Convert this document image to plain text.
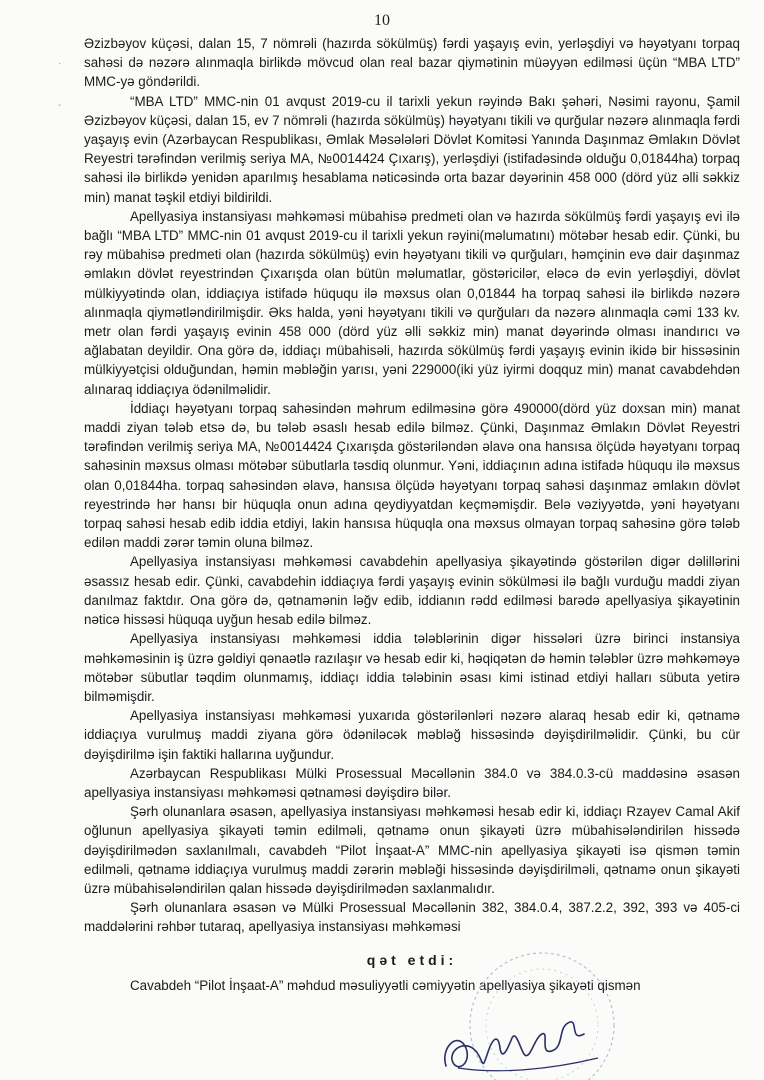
10
·
-

Əzizbəyov küçəsi, dalan 15, 7 nömrəli (hazırda sökülmüş) fərdi yaşayış evin, yerləşdiyi və həyətyanı torpaq sahəsi də nəzərə alınmaqla birlikdə mövcud olan real bazar qiymətinin müəyyən edilməsi üçün “MBA LTD” MMC-yə göndərildi.

“MBA LTD” MMC-nin 01 avqust 2019-cu il tarixli yekun rəyində Bakı şəhəri, Nəsimi rayonu, Şamil Əzizbəyov küçəsi, dalan 15, ev 7 nömrəli (hazırda sökülmüş) həyətyanı tikili və qurğular nəzərə alınmaqla fərdi yaşayış evin (Azərbaycan Respublikası, Əmlak Məsələləri Dövlət Komitəsi Yanında Daşınmaz Əmlakın Dövlət Reyestri tərəfindən verilmiş seriya MA, №0014424 Çıxarış), yerləşdiyi (istifadəsində olduğu 0,01844ha) torpaq sahəsi ilə birlikdə yenidən aparılmış hesablama nəticəsində orta bazar dəyərinin 458 000 (dörd yüz əlli səkkiz min) manat təşkil etdiyi bildirildi.

Apellyasiya instansiyası məhkəməsi mübahisə predmeti olan və hazırda sökülmüş fərdi yaşayış evi ilə bağlı “MBA LTD” MMC-nin 01 avqust 2019-cu il tarixli yekun rəyini(məlumatını) mötəbər hesab edir. Çünki, bu rəy mübahisə predmeti olan (hazırda sökülmüş) evin həyətyanı tikili və qurğuları, həmçinin evə dair daşınmaz əmlakın dövlət reyestrindən Çıxarışda olan bütün məlumatlar, göstəricilər, eləcə də evin yerləşdiyi, dövlət mülkiyyətində olan, iddiaçıya istifadə hüququ ilə məxsus olan 0,01844 ha torpaq sahəsi ilə birlikdə nəzərə alınmaqla qiymətləndirilmişdir. Əks halda, yəni həyətyanı tikili və qurğuları da nəzərə alınmaqla cəmi 133 kv. metr olan fərdi yaşayış evinin 458 000 (dörd yüz əlli səkkiz min) manat dəyərində olması inandırıcı və ağlabatan deyildir. Ona görə də, iddiaçı mübahisəli, hazırda sökülmüş fərdi yaşayış evinin ikidə bir hissəsinin mülkiyyətçisi olduğundan, həmin məbləğin yarısı, yəni 229000(iki yüz iyirmi doqquz min) manat cavabdehdən alınaraq iddiaçıya ödənilməlidir.

İddiaçı həyətyanı torpaq sahəsindən məhrum edilməsinə görə 490000(dörd yüz doxsan min) manat maddi ziyan tələb etsə də, bu tələb əsaslı hesab edilə bilməz. Çünki, Daşınmaz Əmlakın Dövlət Reyestri tərəfindən verilmiş seriya MA, №0014424 Çıxarışda göstəriləndən əlavə ona hansısa ölçüdə həyətyanı torpaq sahəsinin məxsus olması mötəbər sübutlarla təsdiq olunmur. Yəni, iddiaçının adına istifadə hüququ ilə məxsus olan 0,01844ha. torpaq sahəsindən əlavə, hansısa ölçüdə həyətyanı torpaq sahəsi daşınmaz əmlakın dövlət reyestrində hər hansı bir hüquqla onun adına qeydiyyatdan keçməmişdir. Belə vəziyyətdə, yəni həyətyanı torpaq sahəsi hesab edib iddia etdiyi, lakin hansısa hüquqla ona məxsus olmayan torpaq sahəsinə görə tələb edilən maddi zərər təmin oluna bilməz.

Apellyasiya instansiyası məhkəməsi cavabdehin apellyasiya şikayətində göstərilən digər dəlillərini əsassız hesab edir. Çünki, cavabdehin iddiaçıya fərdi yaşayış evinin sökülməsi ilə bağlı vurduğu maddi ziyan danılmaz faktdır. Ona görə də, qətnamənin ləğv edib, iddianın rədd edilməsi barədə apellyasiya şikayətinin nəticə hissəsi hüquqa uyğun hesab edilə bilməz.

Apellyasiya instansiyası məhkəməsi iddia tələblərinin digər hissələri üzrə birinci instansiya məhkəməsinin iş üzrə gəldiyi qənaətlə razılaşır və hesab edir ki, həqiqətən də həmin tələblər üzrə məhkəməyə mötəbər sübutlar təqdim olunmamış, iddiaçı iddia tələbinin əsası kimi istinad etdiyi halları sübuta yetirə bilməmişdir.

Apellyasiya instansiyası məhkəməsi yuxarıda göstərilənləri nəzərə alaraq hesab edir ki, qətnamə iddiaçıya vurulmuş maddi ziyana görə ödəniləcək məbləğ hissəsində dəyişdirilməlidir. Çünki, bu cür dəyişdirilmə işin faktiki hallarına uyğundur.

Azərbaycan Respublikası Mülki Prosessual Məcəllənin 384.0 və 384.0.3-cü maddəsinə əsasən apellyasiya instansiyası məhkəməsi qətnaməsi dəyişdirə bilər.

Şərh olunanlara əsasən, apellyasiya instansiyası məhkəməsi hesab edir ki, iddiaçı Rzayev Camal Akif oğlunun apellyasiya şikayəti təmin edilməli, qətnamə onun şikayəti üzrə mübahisələndirilən hissədə dəyişdirilmədən saxlanılmalı, cavabdeh “Pilot İnşaat-A” MMC-nin apellyasiya şikayəti isə qismən təmin edilməli, qətnamə iddiaçıya vurulmuş maddi zərərin məbləği hissəsində dəyişdirilməli, qətnamə onun şikayəti üzrə mübahisələndirilən qalan hissədə dəyişdirilmədən saxlanmalıdır.

Şərh olunanlara əsasən və Mülki Prosessual Məcəllənin 382, 384.0.4, 387.2.2, 392, 393 və 405-ci maddələrini rəhbər tutaraq, apellyasiya instansiyası məhkəməsi

qət etdi:

Cavabdeh “Pilot İnşaat-A” məhdud məsuliyyətli cəmiyyətin apellyasiya şikayəti qismən
